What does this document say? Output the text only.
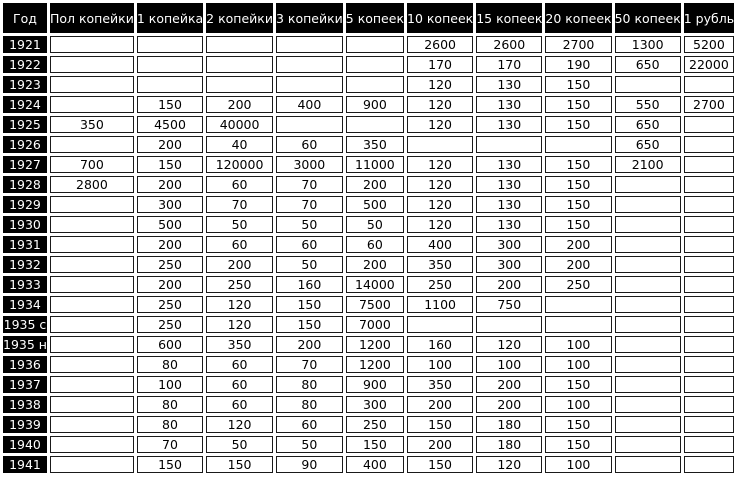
Год	Пол копейки	1 копейка	2 копейки	3 копейки	5 копеек	10 копеек	15 копеек	20 копеек	50 копеек	1 рубль
1921						2600	2600	2700	1300	5200
1922						170	170	190	650	22000
1923						120	130	150		
1924		150	200	400	900	120	130	150	550	2700
1925	350	4500	40000			120	130	150	650	
1926		200	40	60	350				650	
1927	700	150	120000	3000	11000	120	130	150	2100	
1928	2800	200	60	70	200	120	130	150		
1929		300	70	70	500	120	130	150		
1930		500	50	50	50	120	130	150		
1931		200	60	60	60	400	300	200		
1932		250	200	50	200	350	300	200		
1933		200	250	160	14000	250	200	250		
1934		250	120	150	7500	1100	750			
1935 с		250	120	150	7000					
1935 н		600	350	200	1200	160	120	100		
1936		80	60	70	1200	100	100	100		
1937		100	60	80	900	350	200	150		
1938		80	60	80	300	200	200	100		
1939		80	120	60	250	150	180	150		
1940		70	50	50	150	200	180	150		
1941		150	150	90	400	150	120	100		
